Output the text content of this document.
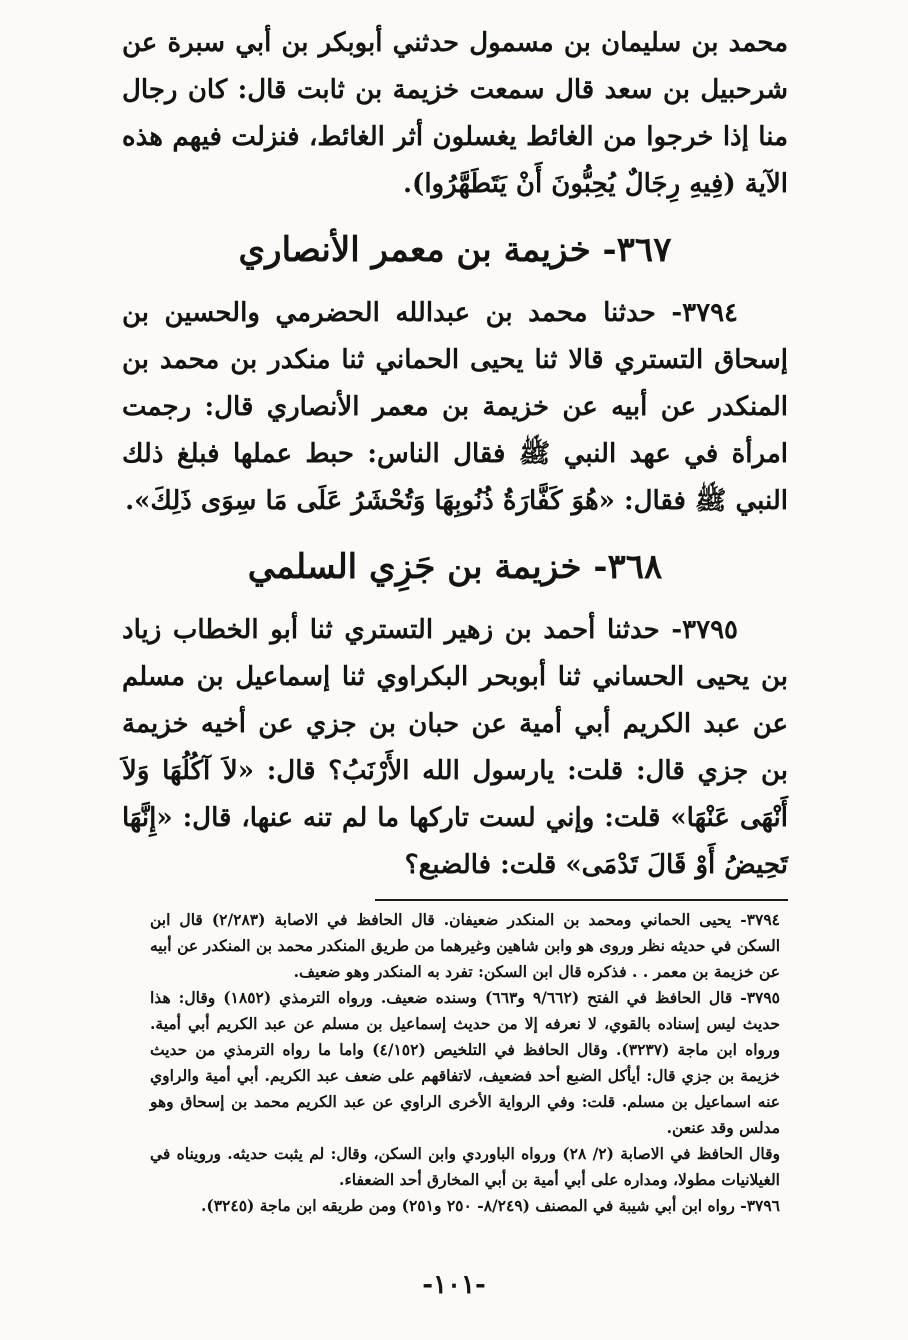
محمد بن سليمان بن مسمول حدثني أبوبكر بن أبي سبرة عن شرحبيل بن سعد قال سمعت خزيمة بن ثابت قال: كان رجال منا إذا خرجوا من الغائط يغسلون أثر الغائط، فنزلت فيهم هذه الآية (فِيهِ رِجَالٌ يُحِبُّونَ أَنْ يَتَطَهَّرُوا).

٣٦٧- خزيمة بن معمر الأنصاري

٣٧٩٤- حدثنا محمد بن عبدالله الحضرمي والحسين بن إسحاق التستري قالا ثنا يحيى الحماني ثنا منكدر بن محمد بن المنكدر عن أبيه عن خزيمة بن معمر الأنصاري قال: رجمت امرأة في عهد النبي ﷺ فقال الناس: حبط عملها فبلغ ذلك النبي ﷺ فقال: «هُوَ كَفَّارَةُ ذُنُوبِهَا وَتُحْشَرُ عَلَى مَا سِوَى ذَلِكَ».

٣٦٨- خزيمة بن جَزِي السلمي

٣٧٩٥- حدثنا أحمد بن زهير التستري ثنا أبو الخطاب زياد بن يحيى الحساني ثنا أبوبحر البكراوي ثنا إسماعيل بن مسلم عن عبد الكريم أبي أمية عن حبان بن جزي عن أخيه خزيمة بن جزي قال: قلت: يارسول الله الأَرْنَبُ؟ قال: «لاَ آكُلُهَا وَلاَ أَنْهَى عَنْهَا» قلت: وإني لست تاركها ما لم تنه عنها، قال: «إِنَّهَا تَحِيضُ أَوْ قَالَ تَدْمَى» قلت: فالضبع؟

٣٧٩٤- يحيى الحماني ومحمد بن المنكدر ضعيفان. قال الحافظ في الاصابة (٢/٢٨٣) قال ابن السكن في حديثه نظر وروى هو وابن شاهين وغيرهما من طريق المنكدر محمد بن المنكدر عن أبيه عن خزيمة بن معمر . . فذكره قال ابن السكن: تفرد به المنكدر وهو ضعيف.

٣٧٩٥- قال الحافظ في الفتح (٩/٦٦٢ و٦٦٣) وسنده ضعيف. ورواه الترمذي (١٨٥٢) وقال: هذا حديث ليس إسناده بالقوي، لا نعرفه إلا من حديث إسماعيل بن مسلم عن عبد الكريم أبي أمية. ورواه ابن ماجة (٣٢٣٧). وقال الحافظ في التلخيص (٤/١٥٢) واما ما رواه الترمذي من حديث خزيمة بن جزي قال: أيأكل الضبع أحد فضعيف، لاتفاقهم على ضعف عبد الكريم. أبي أمية والراوي عنه اسماعيل بن مسلم. قلت: وفي الرواية الأخرى الراوي عن عبد الكريم محمد بن إسحاق وهو مدلس وقد عنعن.

وقال الحافظ في الاصابة (٢/ ٢٨) ورواه الباوردي وابن السكن، وقال: لم يثبت حديثه. ورويناه في الغيلانيات مطولا، ومداره على أبي أمية بن أبي المخارق أحد الضعفاء.

٣٧٩٦- رواه ابن أبي شيبة في المصنف (٨/٢٤٩- ٢٥٠ و٢٥١) ومن طريقه ابن ماجة (٣٢٤٥).

-١٠١-
